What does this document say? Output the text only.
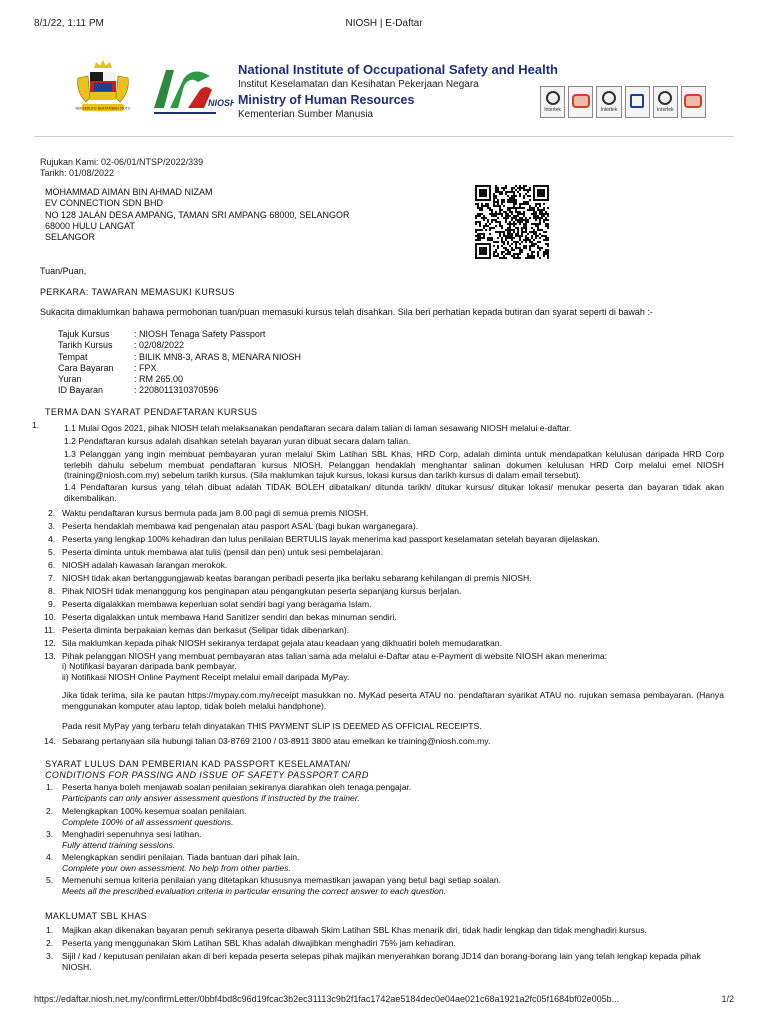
8/1/22, 1:11 PM	NIOSH | E-Daftar
BERSEKUTU BERTAMBAH MUTU
NIOSH
National Institute of Occupational Safety and Health
Institut Keselamatan dan Kesihatan Pekerjaan Negara
Ministry of Human Resources
Kementerian Sumber Manusia	Intertek	Intertek	Intertek
Rujukan Kami: 02-06/01/NTSP/2022/339
Tarikh: 01/08/2022
MOHAMMAD AIMAN BIN AHMAD NIZAM
EV CONNECTION SDN BHD
NO 128 JALAN DESA AMPANG, TAMAN SRI AMPANG 68000, SELANGOR
68000 HULU LANGAT
SELANGOR
Tuan/Puan,
PERKARA: TAWARAN MEMASUKI KURSUS
Sukacita dimaklumkan bahawa permohonan tuan/puan memasuki kursus telah disahkan. Sila beri perhatian kepada butiran dan syarat seperti di bawah :-
Tajuk Kursus	: NIOSH Tenaga Safety Passport
Tarikh Kursus	: 02/08/2022
Tempat	: BILIK MN8-3, ARAS 8, MENARA NIOSH
Cara Bayaran	: FPX
Yuran	: RM 265.00
ID Bayaran	: 2208011310370596
TERMA DAN SYARAT PENDAFTARAN KURSUS
1.	1.1 Mulai Ogos 2021, pihak NIOSH telah melaksanakan pendaftaran secara dalam talian di laman sesawang NIOSH melalui e-daftar.
1.2 Pendaftaran kursus adalah disahkan setelah bayaran yuran dibuat secara dalam talian.
1.3 Pelanggan yang ingin membuat pembayaran yuran melalui Skim Latihan SBL Khas, HRD Corp, adalah diminta untuk mendapatkan kelulusan daripada HRD Corp terlebih dahulu sebelum membuat pendaftaran kursus NIOSH. Pelanggan hendaklah menghantar salinan dokumen kelulusan HRD Corp melalui emel NIOSH (training@niosh.com.my) sebelum tarikh kursus. (Sila maklumkan tajuk kursus, lokasi kursus dan tarikh kursus di dalam email tersebut).
1.4 Pendaftaran kursus yang telah dibuat adalah TIDAK BOLEH dibatalkan/ ditunda tarikh/ ditukar kursus/ ditukar lokasi/ menukar peserta dan bayaran tidak akan dikembalikan.
2. Waktu pendaftaran kursus bermula pada jam 8.00 pagi di semua premis NIOSH.
3. Peserta hendaklah membawa kad pengenalan atau pasport ASAL (bagi bukan warganegara).
4. Peserta yang lengkap 100% kehadiran dan lulus penilaian BERTULIS layak menerima kad passport keselamatan setelah bayaran dijelaskan.
5. Peserta diminta untuk membawa alat tulis (pensil dan pen) untuk sesi pembelajaran.
6. NIOSH adalah kawasan larangan merokok.
7. NIOSH tidak akan bertanggungjawab keatas barangan peribadi peserta jika berlaku sebarang kehilangan di premis NIOSH.
8. Pihak NIOSH tidak menanggung kos penginapan atau pengangkutan peserta sepanjang kursus berjalan.
9. Peserta digalakkan membawa keperluan solat sendiri bagi yang beragama Islam.
10. Peserta digalakkan untuk membawa Hand Sanitizer sendiri dan bekas minuman sendiri.
11. Peserta diminta berpakaian kemas dan berkasut (Selipar tidak dibenarkan).
12. Sila maklumkan kepada pihak NIOSH sekiranya terdapat gejala atau keadaan yang dikhuatiri boleh memudaratkan.
13. Pihak pelanggan NIOSH yang membuat pembayaran atas talian sama ada melalui e-Daftar atau e-Payment di website NIOSH akan menerima:
i) Notifikasi bayaran daripada bank pembayar.
ii) Notifikasi NIOSH Online Payment Receipt melalui email daripada MyPay.
Jika tidak terima, sila ke pautan https://mypay.com.my/receipt masukkan no. MyKad peserta ATAU no. pendaftaran syarikat ATAU no. rujukan semasa pembayaran. (Hanya menggunakan komputer atau laptop, tidak boleh melalui handphone).
Pada resit MyPay yang terbaru telah dinyatakan THIS PAYMENT SLIP IS DEEMED AS OFFICIAL RECEIPTS.
14. Sebarang pertanyaan sila hubungi talian 03-8769 2100 / 03-8911 3800 atau emelkan ke training@niosh.com.my.
SYARAT LULUS DAN PEMBERIAN KAD PASSPORT KESELAMATAN/
CONDITIONS FOR PASSING AND ISSUE OF SAFETY PASSPORT CARD
1. Peserta hanya boleh menjawab soalan penilaian sekiranya diarahkan oleh tenaga pengajar.
Participants can only answer assessment questions if instructed by the trainer.
2. Melengkapkan 100% kesemua soalan penilaian.
Complete 100% of all assessment questions.
3. Menghadiri sepenuhnya sesi latihan.
Fully attend training sessions.
4. Melengkapkan sendiri penilaian. Tiada bantuan dari pihak lain.
Complete your own assessment. No help from other parties.
5. Memenuhi semua kriteria penilaian yang ditetapkan khususnya memastikan jawapan yang betul bagi setiap soalan.
Meets all the prescribed evaluation criteria in particular ensuring the correct answer to each question.
MAKLUMAT SBL KHAS
1. Majikan akan dikenakan bayaran penuh sekiranya peserta dibawah Skim Latihan SBL Khas menarik diri, tidak hadir lengkap dan tidak menghadiri kursus.
2. Peserta yang menggunakan Skim Latihan SBL Khas adalah diwajibkan menghadiri 75% jam kehadiran.
3. Sijil / kad / keputusan penilaian akan di beri kepada peserta selepas pihak majikan menyerahkan borang JD14 dan borang-borang lain yang telah lengkap kepada pihak NIOSH.
https://edaftar.niosh.net.my/confirmLetter/0bbf4bd8c96d19fcac3b2ec31113c9b2f1fac1742ae5184dec0e04ae021c68a1921a2fc05f1684bf02e005b...	1/2
